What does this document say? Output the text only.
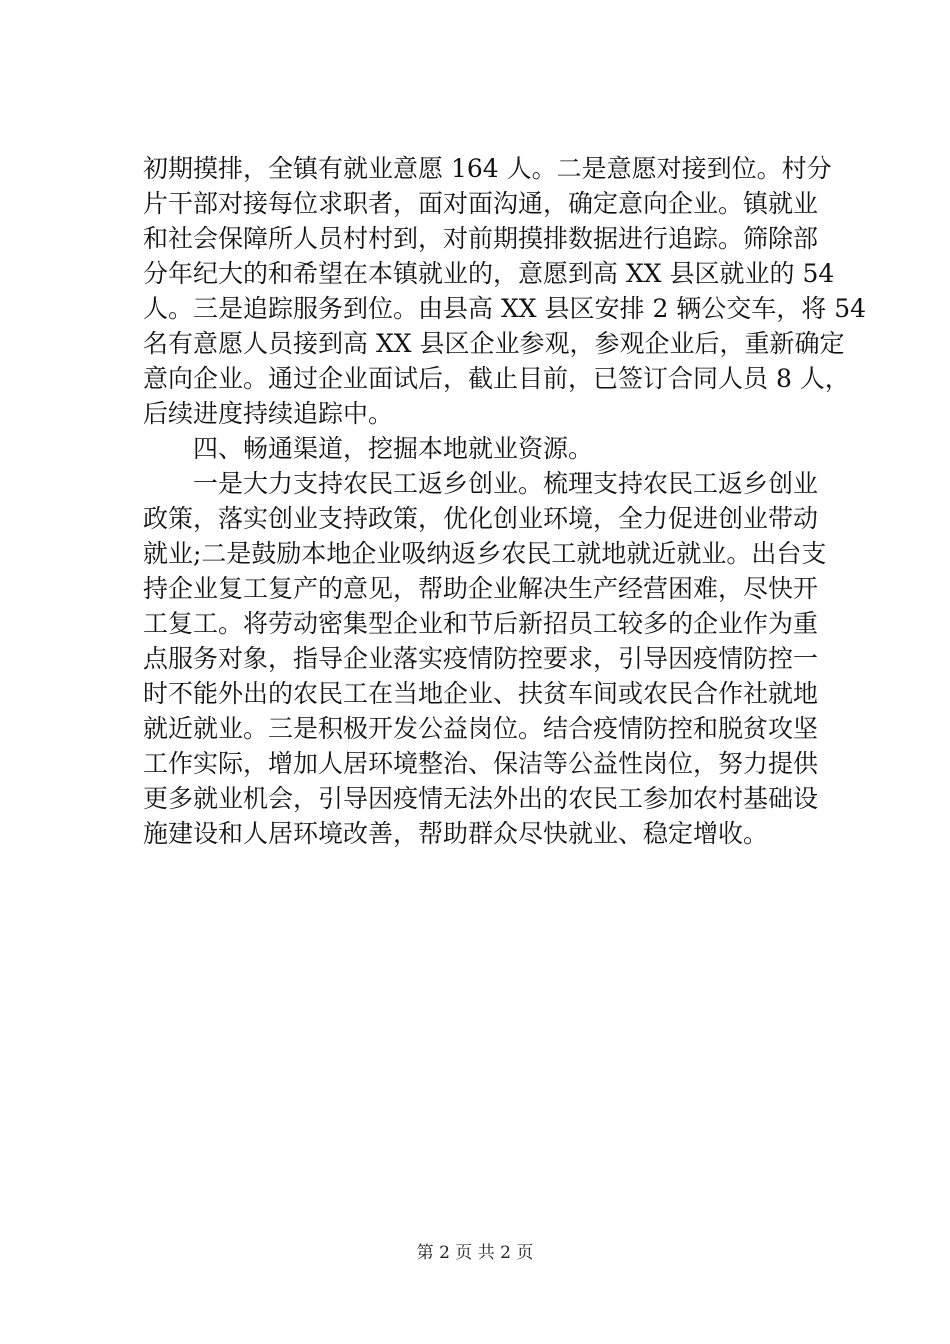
初期摸排，全镇有就业意愿 164 人。二是意愿对接到位。村分
片干部对接每位求职者，面对面沟通，确定意向企业。镇就业
和社会保障所人员村村到，对前期摸排数据进行追踪。筛除部
分年纪大的和希望在本镇就业的，意愿到高 XX 县区就业的 54
人。三是追踪服务到位。由县高 XX 县区安排 2 辆公交车，将 54
名有意愿人员接到高 XX 县区企业参观，参观企业后，重新确定
意向企业。通过企业面试后，截止目前，已签订合同人员 8 人，
后续进度持续追踪中。
四、畅通渠道，挖掘本地就业资源。
一是大力支持农民工返乡创业。梳理支持农民工返乡创业
政策，落实创业支持政策，优化创业环境，全力促进创业带动
就业;二是鼓励本地企业吸纳返乡农民工就地就近就业。出台支
持企业复工复产的意见，帮助企业解决生产经营困难，尽快开
工复工。将劳动密集型企业和节后新招员工较多的企业作为重
点服务对象，指导企业落实疫情防控要求，引导因疫情防控一
时不能外出的农民工在当地企业、扶贫车间或农民合作社就地
就近就业。三是积极开发公益岗位。结合疫情防控和脱贫攻坚
工作实际，增加人居环境整治、保洁等公益性岗位，努力提供
更多就业机会，引导因疫情无法外出的农民工参加农村基础设
施建设和人居环境改善，帮助群众尽快就业、稳定增收。
第 2 页 共 2 页
